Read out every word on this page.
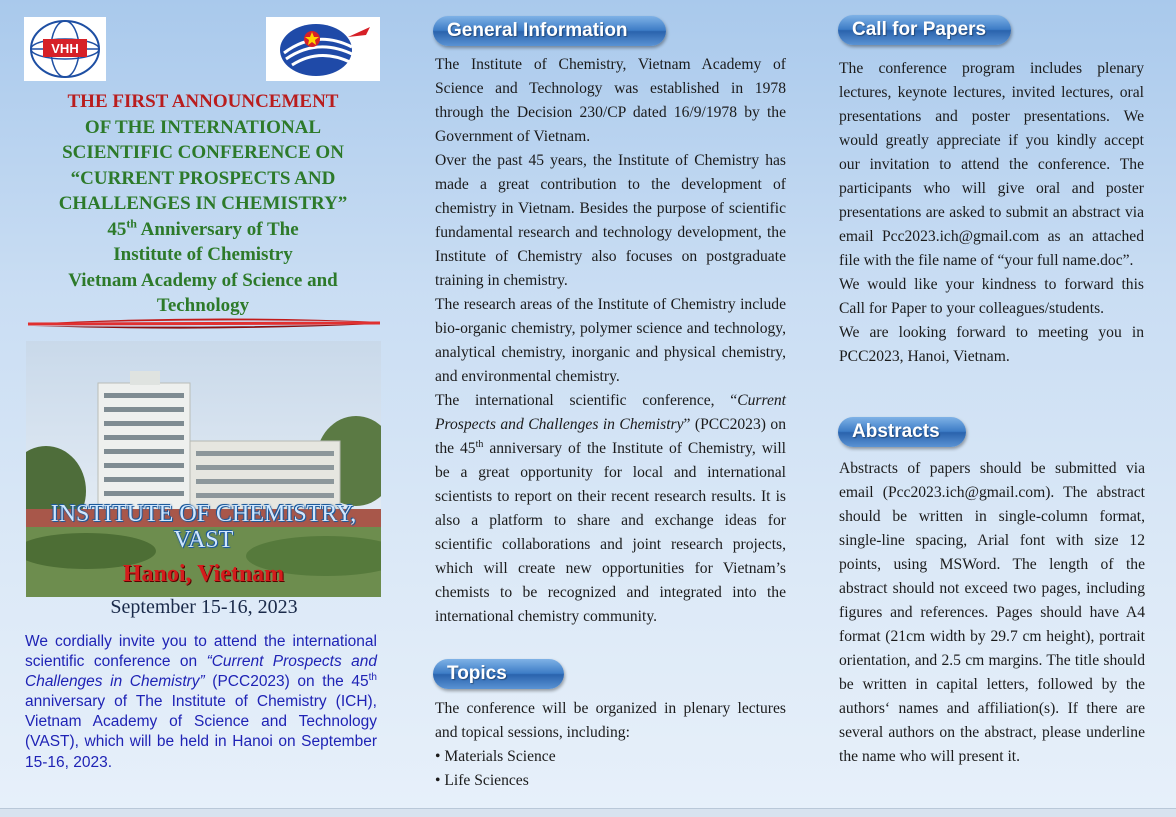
VHH
THE FIRST ANNOUNCEMENT
OF THE INTERNATIONAL
SCIENTIFIC CONFERENCE ON
“CURRENT PROSPECTS AND
CHALLENGES IN CHEMISTRY”
45th Anniversary of The
Institute of Chemistry
Vietnam Academy of Science and
Technology
INSTITUTE OF CHEMISTRY,
VAST
Hanoi, Vietnam
September 15-16, 2023
We cordially invite you to attend the international scientific conference on “Current Prospects and Challenges in Chemistry” (PCC2023) on the 45th anniversary of The Institute of Chemistry (ICH), Vietnam Academy of Science and Technology (VAST), which will be held in Hanoi on September 15-16, 2023.
General Information

The Institute of Chemistry, Vietnam Academy of Science and Technology was established in 1978 through the Decision 230/CP dated 16/9/1978 by the Government of Vietnam.

Over the past 45 years, the Institute of Chemistry has made a great contribution to the development of chemistry in Vietnam. Besides the purpose of scientific fundamental research and technology development, the Institute of Chemistry also focuses on postgraduate training in chemistry.

The research areas of the Institute of Chemistry include bio-organic chemistry, polymer science and technology, analytical chemistry, inorganic and physical chemistry, and environmental chemistry.

The international scientific conference, “Current Prospects and Challenges in Chemistry” (PCC2023) on the 45th anniversary of the Institute of Chemistry, will be a great opportunity for local and international scientists to report on their recent research results. It is also a platform to share and exchange ideas for scientific collaborations and joint research projects, which will create new opportunities for Vietnam’s chemists to be recognized and integrated into the international chemistry community.

Topics

The conference will be organized in plenary lectures and topical sessions, including:

• Materials Science

• Life Sciences

Call for Papers

The conference program includes plenary lectures, keynote lectures, invited lectures, oral presentations and poster presentations. We would greatly appreciate if you kindly accept our invitation to attend the conference. The participants who will give oral and poster presentations are asked to submit an abstract via email Pcc2023.ich@gmail.com as an attached file with the file name of “your full name.doc”.

We would like your kindness to forward this Call for Paper to your colleagues/students.

We are looking forward to meeting you in PCC2023, Hanoi, Vietnam.

Abstracts

Abstracts of papers should be submitted via email (Pcc2023.ich@gmail.com). The abstract should be written in single-column format, single-line spacing, Arial font with size 12 points, using MSWord. The length of the abstract should not exceed two pages, including figures and references. Pages should have A4 format (21cm width by 29.7 cm height), portrait orientation, and 2.5 cm margins. The title should be written in capital letters, followed by the authors‘ names and affiliation(s). If there are several authors on the abstract, please underline the name who will present it.
